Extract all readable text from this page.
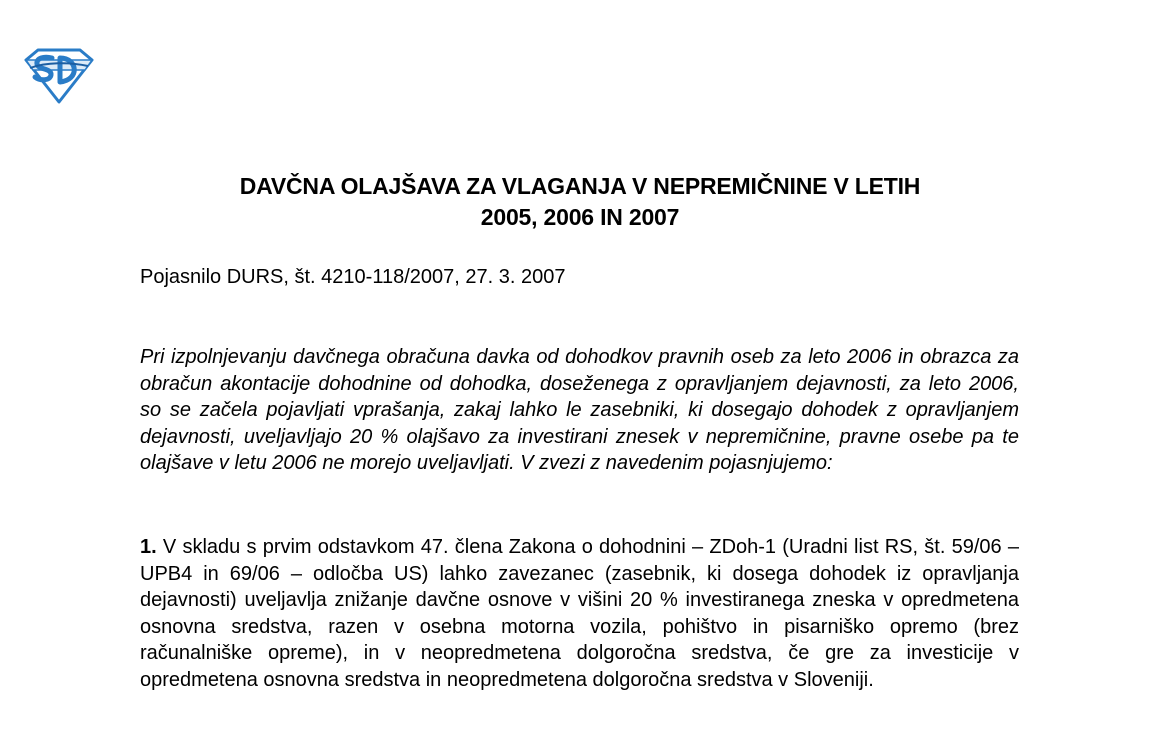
DAVČNA OLAJŠAVA ZA VLAGANJA V NEPREMIČNINE V LETIH
2005, 2006 IN 2007
Pojasnilo DURS, št. 4210-118/2007, 27. 3. 2007

Pri izpolnjevanju davčnega obračuna davka od dohodkov pravnih oseb za leto 2006 in obrazca za obračun akontacije dohodnine od dohodka, doseženega z opravljanjem dejavnosti, za leto 2006, so se začela pojavljati vprašanja, zakaj lahko le zasebniki, ki dosegajo dohodek z opravljanjem dejavnosti, uveljavljajo 20 % olajšavo za investirani znesek v nepremičnine, pravne osebe pa te olajšave v letu 2006 ne morejo uveljavljati. V zvezi z navedenim pojasnjujemo:

1. V skladu s prvim odstavkom 47. člena Zakona o dohodnini – ZDoh-1 (Uradni list RS, št. 59/06 – UPB4 in 69/06 – odločba US) lahko zavezanec (zasebnik, ki dosega dohodek iz opravljanja dejavnosti) uveljavlja znižanje davčne osnove v višini 20 % investiranega zneska v opredmetena osnovna sredstva, razen v osebna motorna vozila, pohištvo in pisarniško opremo (brez računalniške opreme), in v neopredmetena dolgoročna sredstva, če gre za investicije v opredmetena osnovna sredstva in neopredmetena dolgoročna sredstva v Sloveniji.
